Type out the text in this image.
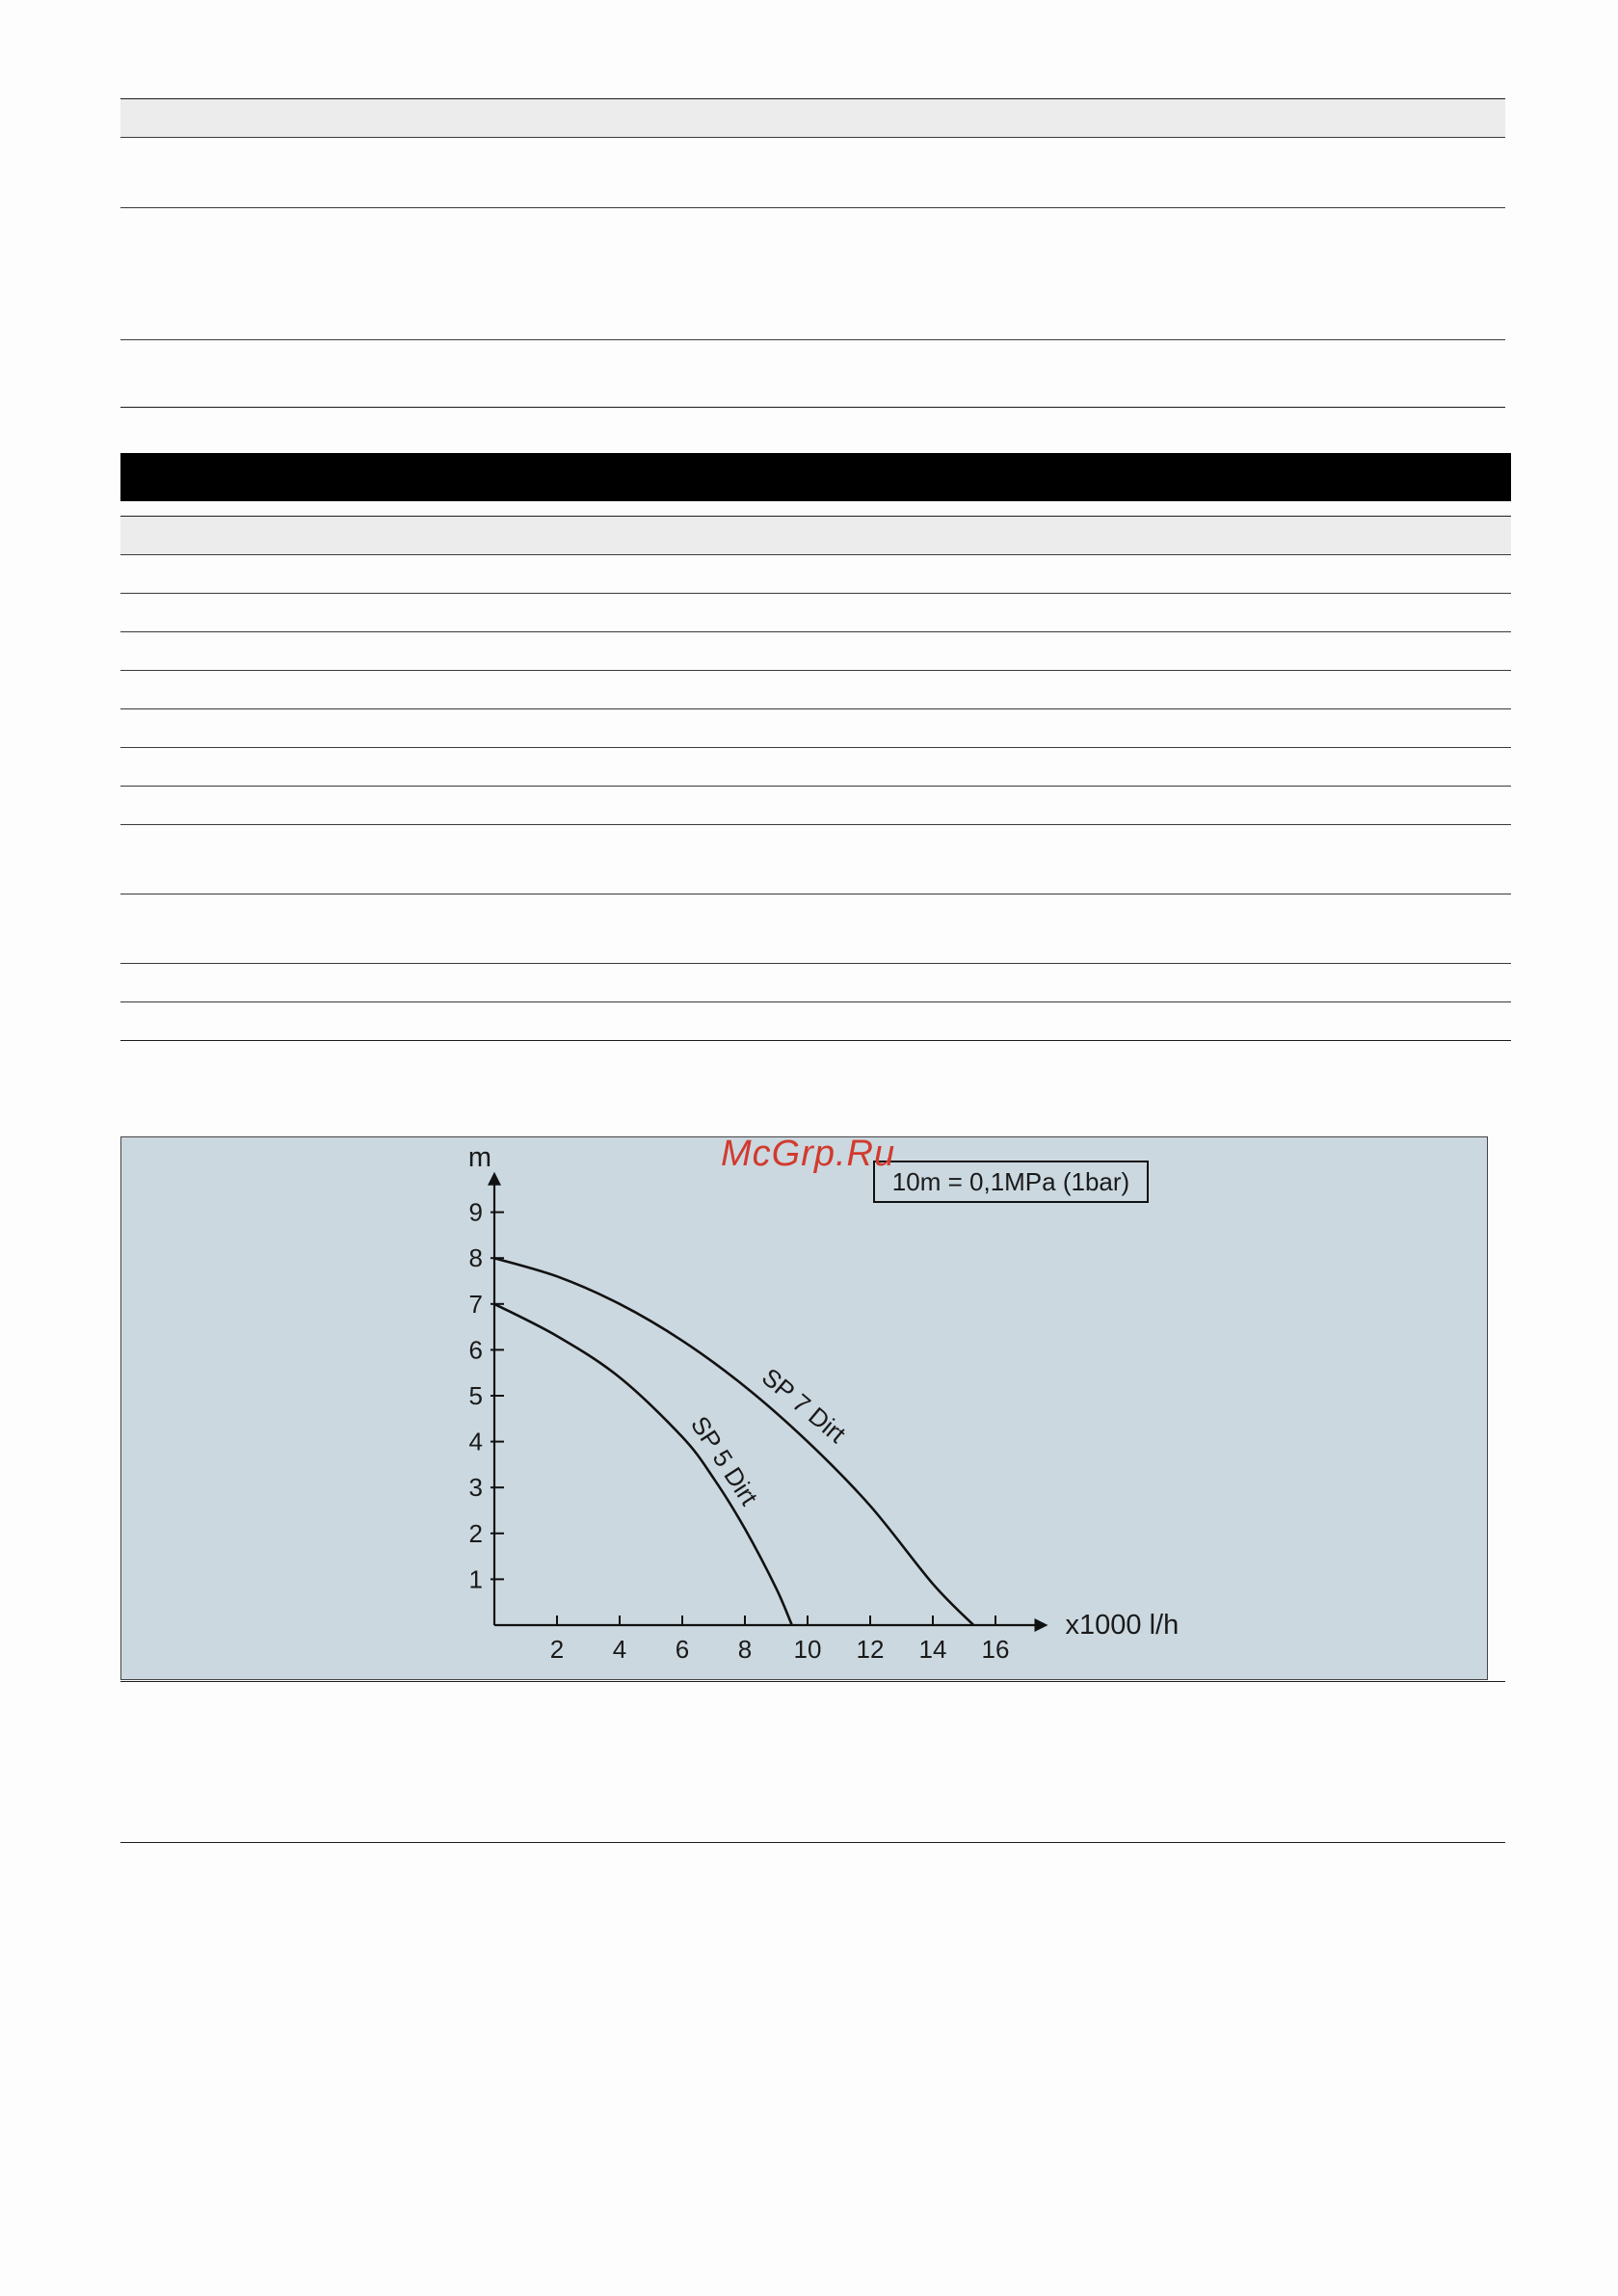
2 4 6 8 10 12 14 16
1
2
3
4
5
6
7
8
9
m
x1000 l/h
SP 7 Dirt
SP 5 Dirt
10m = 0,1MPa (1bar)
McGrp.Ru
